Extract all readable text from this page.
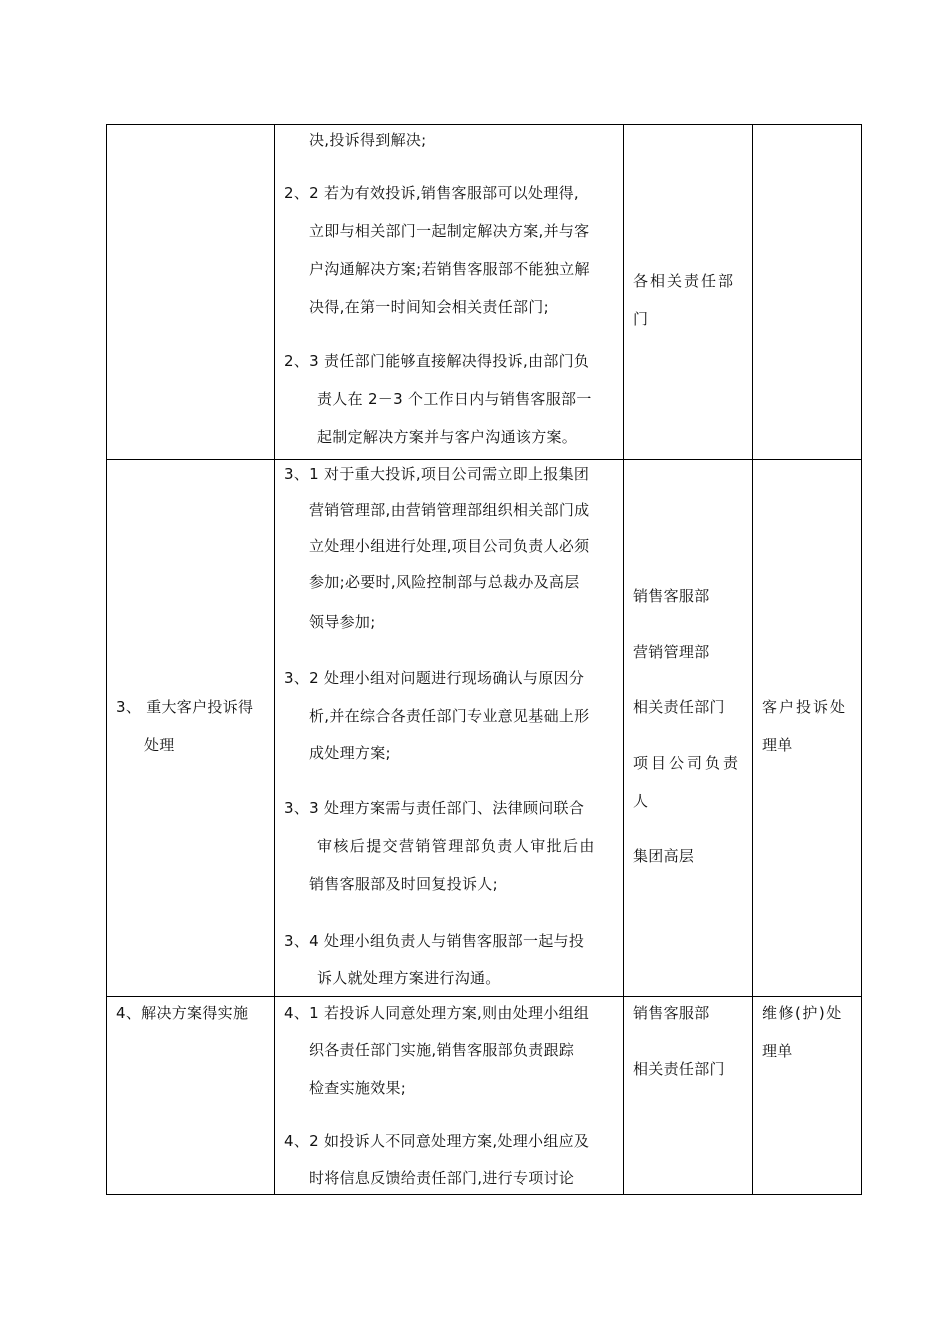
决,投诉得到解决;
2、2 若为有效投诉,销售客服部可以处理得,
立即与相关部门一起制定解决方案,并与客
户沟通解决方案;若销售客服部不能独立解
决得,在第一时间知会相关责任部门;
2、3 责任部门能够直接解决得投诉,由部门负
责人在 2－3 个工作日内与销售客服部一
起制定解决方案并与客户沟通该方案。
各相关责任部
门
3、 重大客户投诉得
处理
3、1 对于重大投诉,项目公司需立即上报集团
营销管理部,由营销管理部组织相关部门成
立处理小组进行处理,项目公司负责人必须
参加;必要时,风险控制部与总裁办及高层
领导参加;
3、2 处理小组对问题进行现场确认与原因分
析,并在综合各责任部门专业意见基础上形
成处理方案;
3、3 处理方案需与责任部门、法律顾问联合
审核后提交营销管理部负责人审批后由
销售客服部及时回复投诉人;
3、4 处理小组负责人与销售客服部一起与投
诉人就处理方案进行沟通。
销售客服部
营销管理部
相关责任部门
项目公司负责
人
集团高层
客户投诉处
理单
4、解决方案得实施 4、1 若投诉人同意处理方案,则由处理小组组
织各责任部门实施,销售客服部负责跟踪
检查实施效果;
4、2 如投诉人不同意处理方案,处理小组应及
时将信息反馈给责任部门,进行专项讨论
销售客服部
相关责任部门
维修(护)处
理单
